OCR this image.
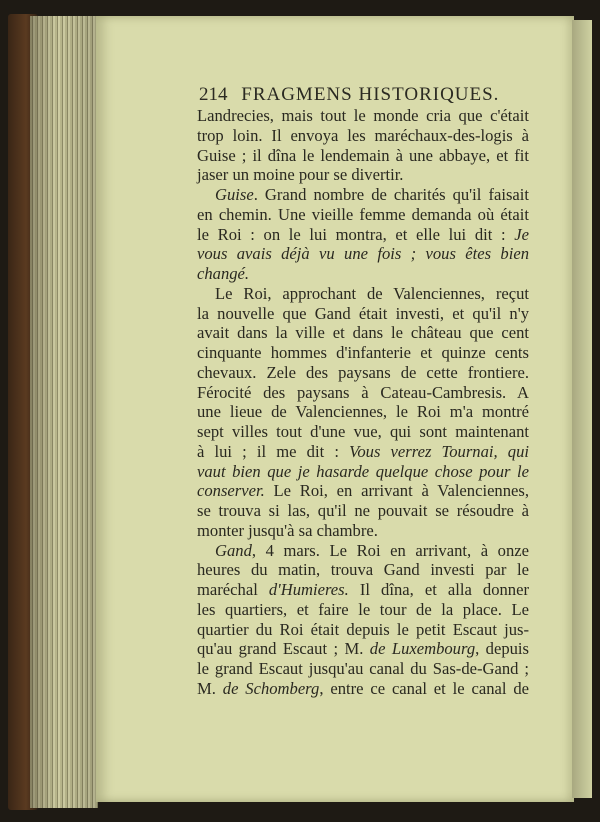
214 FRAGMENS HISTORIQUES.
Landrecies, mais tout le monde cria que c'était
trop loin. Il envoya les maréchaux-des-logis à
Guise ; il dîna le lendemain à une abbaye, et fit
jaser un moine pour se divertir.
Guise. Grand nombre de charités qu'il faisait
en chemin. Une vieille femme demanda où était
le Roi : on le lui montra, et elle lui dit : Je
vous avais déjà vu une fois ; vous êtes bien
changé.
Le Roi, approchant de Valenciennes, reçut
la nouvelle que Gand était investi, et qu'il n'y
avait dans la ville et dans le château que cent
cinquante hommes d'infanterie et quinze cents
chevaux. Zele des paysans de cette frontiere.
Férocité des paysans à Cateau-Cambresis. A
une lieue de Valenciennes, le Roi m'a montré
sept villes tout d'une vue, qui sont maintenant
à lui ; il me dit : Vous verrez Tournai, qui
vaut bien que je hasarde quelque chose pour le
conserver. Le Roi, en arrivant à Valenciennes,
se trouva si las, qu'il ne pouvait se résoudre à
monter jusqu'à sa chambre.
Gand, 4 mars. Le Roi en arrivant, à onze
heures du matin, trouva Gand investi par le
maréchal d'Humieres. Il dîna, et alla donner
les quartiers, et faire le tour de la place. Le
quartier du Roi était depuis le petit Escaut jus-
qu'au grand Escaut ; M. de Luxembourg, depuis
le grand Escaut jusqu'au canal du Sas-de-Gand ;
M. de Schomberg, entre ce canal et le canal de
